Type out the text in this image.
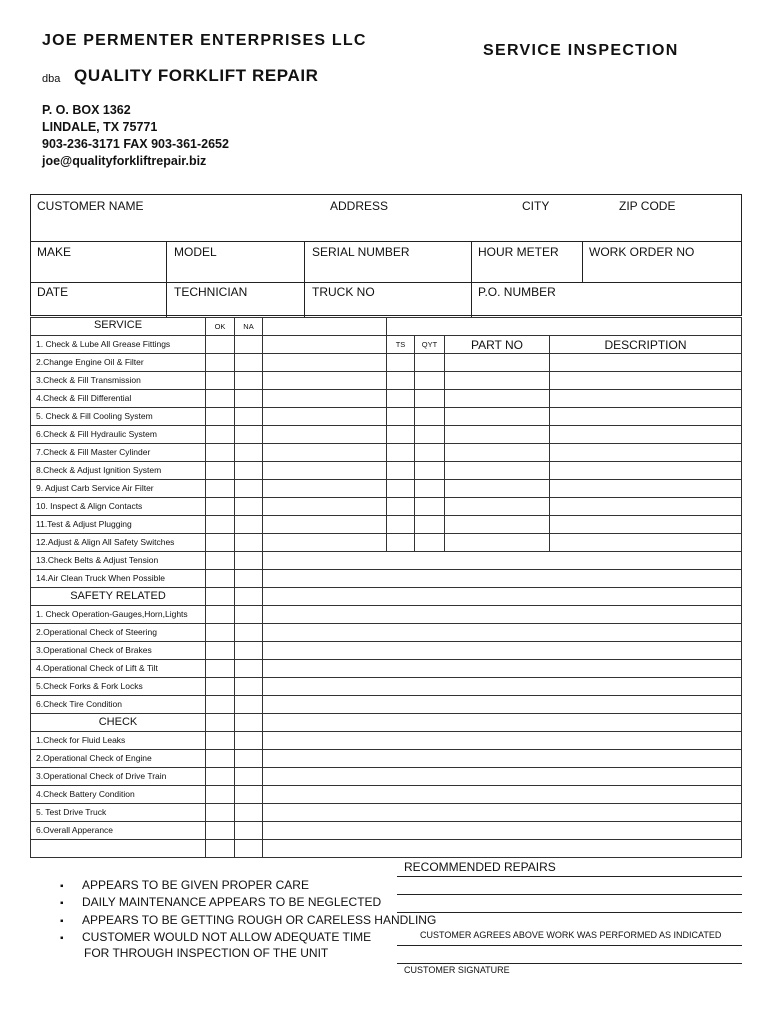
JOE PERMENTER ENTERPRISES LLC
dba QUALITY FORKLIFT REPAIR
SERVICE INSPECTION
P. O. BOX 1362
LINDALE, TX 75771
903-236-3171 FAX 903-361-2652
joe@qualityforkliftrepair.biz
CUSTOMER NAME	ADDRESS	CITY	ZIP CODE
MAKE	MODEL	SERIAL NUMBER	HOUR METER	WORK ORDER NO
DATE	TECHNICIAN	TRUCK NO	P.O. NUMBER
SERVICE	OK	NA
TS	QYT	PART NO	DESCRIPTION
1. Check & Lube All Grease Fittings
2.Change Engine Oil & Filter
3.Check & Fill Transmission
4.Check & Fill Differential
5. Check & Fill Cooling System
6.Check & Fill Hydraulic System
7.Check & Fill Master Cylinder
8.Check & Adjust Ignition System
9. Adjust Carb Service Air Filter
10. Inspect & Align Contacts
11.Test & Adjust Plugging
12.Adjust & Align All Safety Switches
13.Check Belts & Adjust Tension
14.Air Clean Truck When Possible
SAFETY RELATED
1. Check Operation-Gauges,Horn,Lights
2.Operational Check of Steering
3.Operational Check of Brakes
4.Operational Check of Lift & Tilt
5.Check Forks & Fork Locks
6.Check Tire Condition
CHECK
1.Check for Fluid Leaks
2.Operational Check of Engine
3.Operational Check of Drive Train
4.Check Battery Condition
5. Test Drive Truck
6.Overall Apperance
▪ APPEARS TO BE GIVEN PROPER CARE
▪ DAILY MAINTENANCE APPEARS TO BE NEGLECTED
▪ APPEARS TO BE GETTING ROUGH OR CARELESS HANDLING
▪ CUSTOMER WOULD NOT ALLOW ADEQUATE TIME
FOR THROUGH INSPECTION OF THE UNIT
RECOMMENDED REPAIRS
CUSTOMER AGREES ABOVE WORK WAS PERFORMED AS INDICATED
CUSTOMER SIGNATURE
